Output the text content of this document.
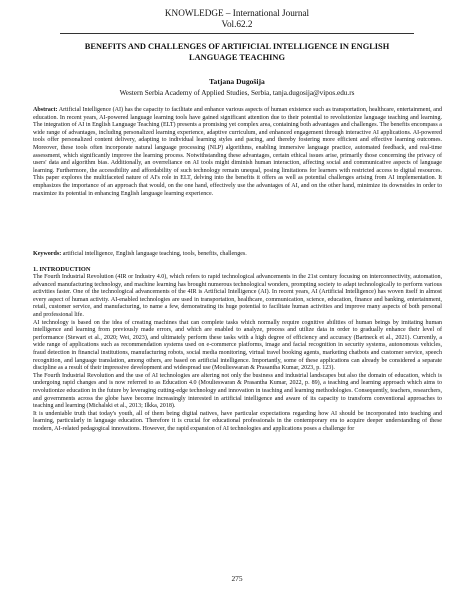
KNOWLEDGE – International Journal
Vol.62.2
BENEFITS AND CHALLENGES OF ARTIFICIAL INTELLIGENCE IN ENGLISH
LANGUAGE TEACHING
Tatjana Dugošija
Western Serbia Academy of Applied Studies, Serbia, tanja.dugosija@vipos.edu.rs
Abstract: Artificial Intelligence (AI) has the capacity to facilitate and enhance various aspects of human existence such as transportation, healthcare, entertainment, and education. In recent years, AI-powered language learning tools have gained significant attention due to their potential to revolutionize language teaching and learning. The integration of AI in English Language Teaching (ELT) presents a promising yet complex area, containing both advantages and challenges. The benefits encompass a wide range of advantages, including personalized learning experience, adaptive curriculum, and enhanced engagement through interactive AI applications. AI-powered tools offer personalized content delivery, adapting to individual learning styles and pacing, and thereby fostering more efficient and effective learning outcomes. Moreover, these tools often incorporate natural language processing (NLP) algorithms, enabling immersive language practice, automated feedback, and real-time assessment, which significantly improve the learning process. Notwithstanding these advantages, certain ethical issues arise, primarily those concerning the privacy of users' data and algorithm bias. Additionally, an overreliance on AI tools might diminish human interaction, affecting social and communicative aspects of language learning. Furthermore, the accessibility and affordability of such technology remain unequal, posing limitations for learners with restricted access to digital resources. This paper explores the multifaceted nature of AI's role in ELT, delving into the benefits it offers as well as potential challenges arising from AI implementation. It emphasizes the importance of an approach that would, on the one hand, effectively use the advantages of AI, and on the other hand, minimize its downsides in order to maximize its potential in enhancing English language learning experience.
Keywords: artificial intelligence, English language teaching, tools, benefits, challenges.
1. INTRODUCTION

The Fourth Industrial Revolution (4IR or Industry 4.0), which refers to rapid technological advancements in the 21st century focusing on interconnectivity, automation, advanced manufacturing technology, and machine learning has brought numerous technological wonders, prompting society to adapt technologically to perform various activities faster. One of the technological advancements of the 4IR is Artificial Intelligence (AI). In recent years, AI (Artificial Intelligence) has woven itself in almost every aspect of human activity. AI-enabled technologies are used in transportation, healthcare, communication, science, education, finance and banking, entertainment, retail, customer service, and manufacturing, to name a few, demonstrating its huge potential to facilitate human activities and improve many aspects of both personal and professional life.

AI technology is based on the idea of creating machines that can complete tasks which normally require cognitive abilities of human beings by imitating human intelligence and learning from previously made errors, and which are enabled to analyze, process and utilize data in order to gradually enhance their level of performance (Stewart et al., 2020; Wei, 2023), and ultimately perform these tasks with a high degree of efficiency and accuracy (Bartneck et al., 2021). Currently, a wide range of applications such as recommendation systems used on e-commerce platforms, image and facial recognition in security systems, autonomous vehicles, fraud detection in financial institutions, manufacturing robots, social media monitoring, virtual travel booking agents, marketing chatbots and customer service, speech recognition, and language translation, among others, are based on artificial intelligence. Importantly, some of these applications can already be considered a separate discipline as a result of their impressive development and widespread use (Moulieswaran & Prasantha Kumar, 2023, p. 123).

The Fourth Industrial Revolution and the use of AI technologies are altering not only the business and industrial landscapes but also the domain of education, which is undergoing rapid changes and is now referred to as Education 4.0 (Moulieswaran & Prasantha Kumar, 2022, p. 89), a teaching and learning approach which aims to revolutionize education in the future by leveraging cutting-edge technology and innovation in teaching and learning methodologies. Consequently, teachers, researchers, and governments across the globe have become increasingly interested in artificial intelligence and aware of its capacity to transform conventional approaches to teaching and learning (Michalski et al., 2013; Ilkka, 2018).

It is undeniable truth that today's youth, all of them being digital natives, have particular expectations regarding how AI should be incorporated into teaching and learning, particularly in language education. Therefore it is crucial for educational professionals in the contemporary era to acquire deeper understanding of these modern, AI-related pedagogical innovations. However, the rapid expansion of AI technologies and applications poses a challenge for

275
